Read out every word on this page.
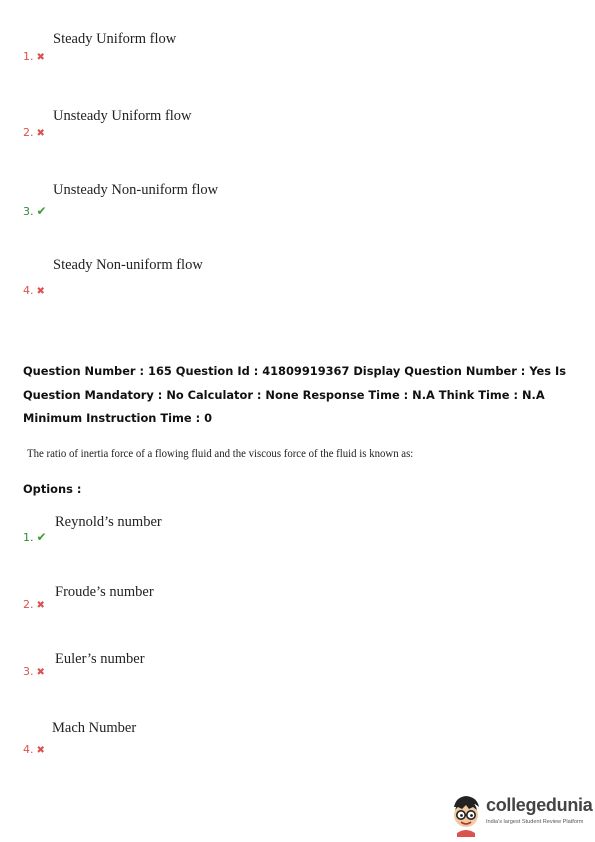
Steady Uniform flow
1. ✖
Unsteady Uniform flow
2. ✖
Unsteady Non-uniform flow
3. ✔
Steady Non-uniform flow
4. ✖
Question Number : 165 Question Id : 41809919367 Display Question Number : Yes Is Question Mandatory : No Calculator : None Response Time : N.A Think Time : N.A Minimum Instruction Time : 0
The ratio of inertia force of a flowing fluid and the viscous force of the fluid is known as:
Options :
Reynold’s number
1. ✔
Froude’s number
2. ✖
Euler’s number
3. ✖
Mach Number
4. ✖
collegedunia
India's largest Student Review Platform
